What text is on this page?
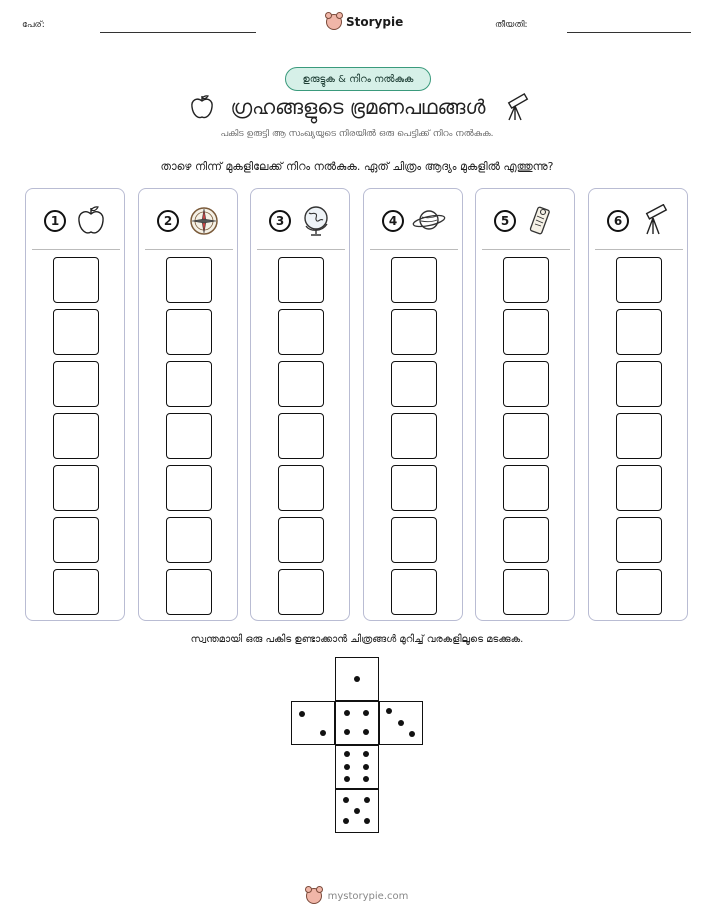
പേര്:	Storypie	തീയതി:
ഉരുട്ടുക & നിറം നൽകുക
ഗ്രഹങ്ങളുടെ ഭ്രമണപഥങ്ങൾ
പകിട ഉരുട്ടി ആ സംഖ്യയുടെ നിരയിൽ ഒരു പെട്ടിക്ക് നിറം നൽകുക.
താഴെ നിന്ന് മുകളിലേക്ക് നിറം നൽകുക. ഏത് ചിത്രം ആദ്യം മുകളിൽ എത്തുന്നു?
1	2	3	4	5	6
സ്വന്തമായി ഒരു പകിട ഉണ്ടാക്കാൻ ചിത്രങ്ങൾ മുറിച്ച് വരകളിലൂടെ മടക്കുക.
mystorypie.com
